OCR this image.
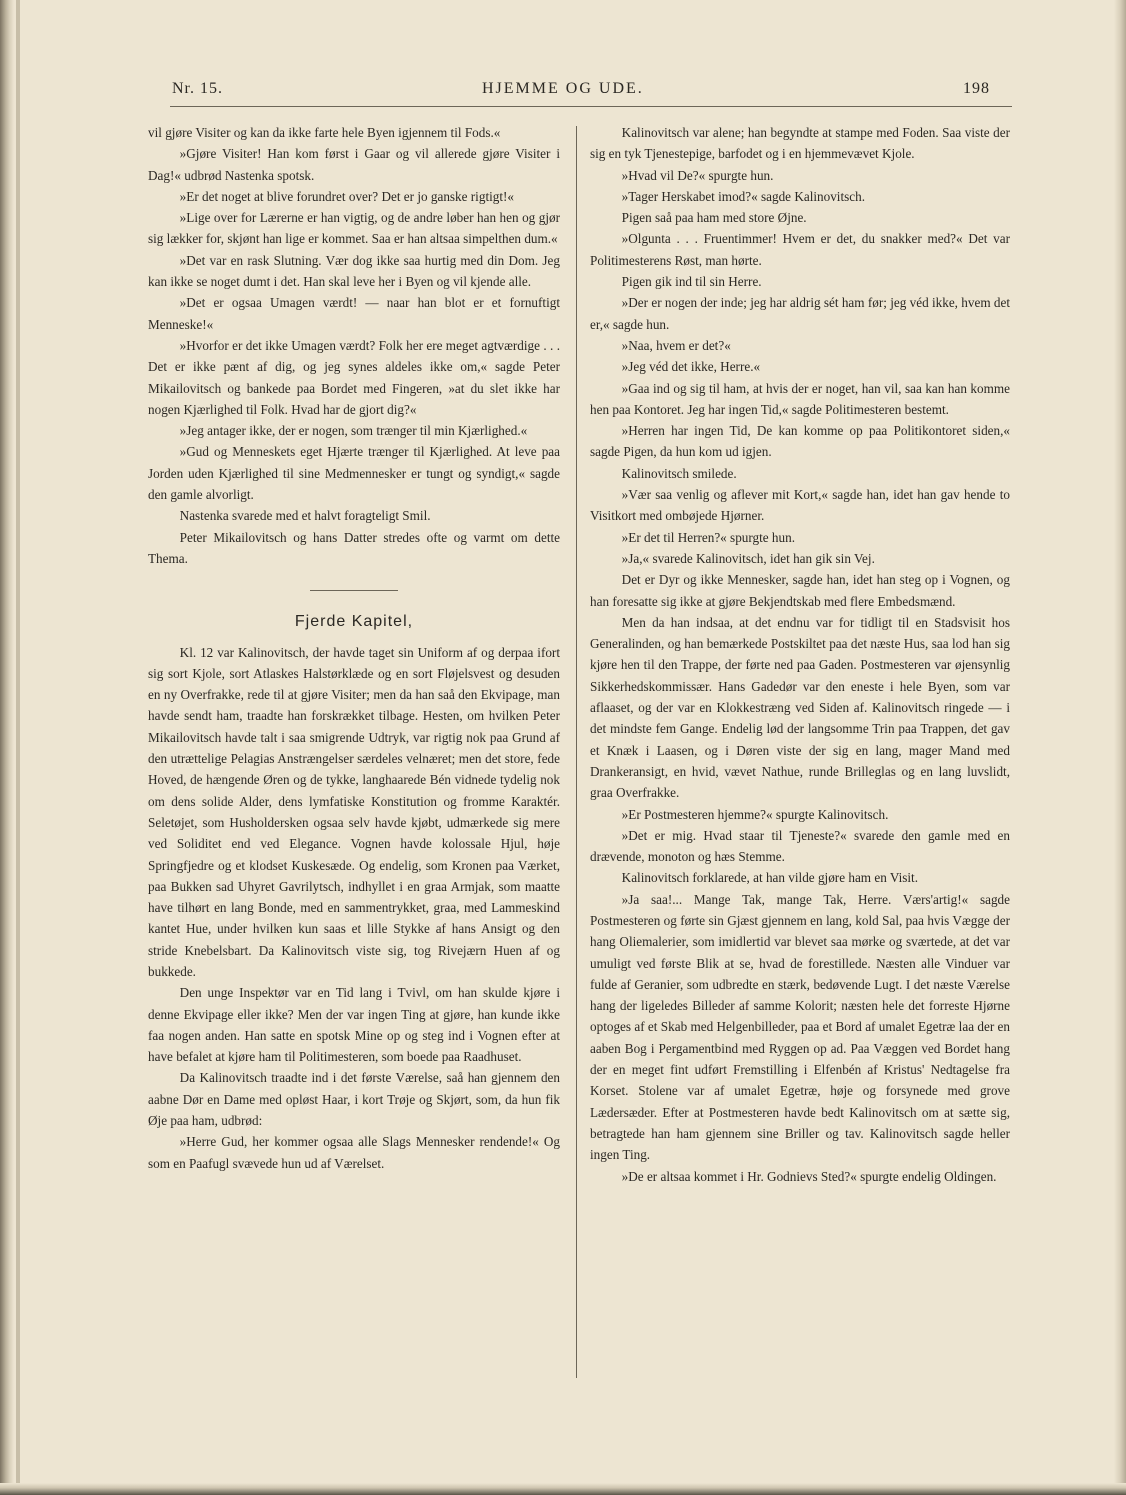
Nr. 15.	HJEMME OG UDE.	198

vil gjøre Visiter og kan da ikke farte hele Byen igjennem til Fods.«

»Gjøre Visiter! Han kom først i Gaar og vil allerede gjøre Visiter i Dag!« udbrød Nastenka spotsk.

»Er det noget at blive forundret over? Det er jo ganske rigtigt!«

»Lige over for Lærerne er han vigtig, og de andre løber han hen og gjør sig lækker for, skjønt han lige er kommet. Saa er han altsaa simpelthen dum.«

»Det var en rask Slutning. Vær dog ikke saa hurtig med din Dom. Jeg kan ikke se noget dumt i det. Han skal leve her i Byen og vil kjende alle.

»Det er ogsaa Umagen værdt! — naar han blot er et fornuftigt Menneske!«

»Hvorfor er det ikke Umagen værdt? Folk her ere meget agtværdige . . . Det er ikke pænt af dig, og jeg synes aldeles ikke om,« sagde Peter Mikailovitsch og bankede paa Bordet med Fingeren, »at du slet ikke har nogen Kjærlighed til Folk. Hvad har de gjort dig?«

»Jeg antager ikke, der er nogen, som trænger til min Kjærlighed.«

»Gud og Menneskets eget Hjærte trænger til Kjærlighed. At leve paa Jorden uden Kjærlighed til sine Medmennesker er tungt og syndigt,« sagde den gamle alvorligt.

Nastenka svarede med et halvt foragteligt Smil.

Peter Mikailovitsch og hans Datter stredes ofte og varmt om dette Thema.

Fjerde Kapitel,

Kl. 12 var Kalinovitsch, der havde taget sin Uniform af og derpaa ifort sig sort Kjole, sort Atlaskes Halstørklæde og en sort Fløjelsvest og desuden en ny Overfrakke, rede til at gjøre Visiter; men da han saå den Ekvipage, man havde sendt ham, traadte han forskrækket tilbage. Hesten, om hvilken Peter Mikailovitsch havde talt i saa smigrende Udtryk, var rigtig nok paa Grund af den utrættelige Pelagias Anstrængelser særdeles velnæret; men det store, fede Hoved, de hængende Øren og de tykke, langhaarede Bén vidnede tydelig nok om dens solide Alder, dens lymfatiske Konstitution og fromme Karaktér. Seletøjet, som Husholdersken ogsaa selv havde kjøbt, udmærkede sig mere ved Soliditet end ved Elegance. Vognen havde kolossale Hjul, høje Springfjedre og et klodset Kuskesæde. Og endelig, som Kronen paa Værket, paa Bukken sad Uhyret Gavrilytsch, indhyllet i en graa Armjak, som maatte have tilhørt en lang Bonde, med en sammentrykket, graa, med Lammeskind kantet Hue, under hvilken kun saas et lille Stykke af hans Ansigt og den stride Knebelsbart. Da Kalinovitsch viste sig, tog Rivejærn Huen af og bukkede.

Den unge Inspektør var en Tid lang i Tvivl, om han skulde kjøre i denne Ekvipage eller ikke? Men der var ingen Ting at gjøre, han kunde ikke faa nogen anden. Han satte en spotsk Mine op og steg ind i Vognen efter at have befalet at kjøre ham til Politimesteren, som boede paa Raadhuset.

Da Kalinovitsch traadte ind i det første Værelse, saå han gjennem den aabne Dør en Dame med opløst Haar, i kort Trøje og Skjørt, som, da hun fik Øje paa ham, udbrød:

»Herre Gud, her kommer ogsaa alle Slags Mennesker rendende!« Og som en Paafugl svævede hun ud af Værelset.

Kalinovitsch var alene; han begyndte at stampe med Foden. Saa viste der sig en tyk Tjenestepige, barfodet og i en hjemmevævet Kjole.

»Hvad vil De?« spurgte hun.

»Tager Herskabet imod?« sagde Kalinovitsch.

Pigen saå paa ham med store Øjne.

»Olgunta . . . Fruentimmer! Hvem er det, du snakker med?« Det var Politimesterens Røst, man hørte.

Pigen gik ind til sin Herre.

»Der er nogen der inde; jeg har aldrig sét ham før; jeg véd ikke, hvem det er,« sagde hun.

»Naa, hvem er det?«

»Jeg véd det ikke, Herre.«

»Gaa ind og sig til ham, at hvis der er noget, han vil, saa kan han komme hen paa Kontoret. Jeg har ingen Tid,« sagde Politimesteren bestemt.

»Herren har ingen Tid, De kan komme op paa Politikontoret siden,« sagde Pigen, da hun kom ud igjen.

Kalinovitsch smilede.

»Vær saa venlig og aflever mit Kort,« sagde han, idet han gav hende to Visitkort med ombøjede Hjørner.

»Er det til Herren?« spurgte hun.

»Ja,« svarede Kalinovitsch, idet han gik sin Vej.

Det er Dyr og ikke Mennesker, sagde han, idet han steg op i Vognen, og han foresatte sig ikke at gjøre Bekjendtskab med flere Embedsmænd.

Men da han indsaa, at det endnu var for tidligt til en Stadsvisit hos Generalinden, og han bemærkede Postskiltet paa det næste Hus, saa lod han sig kjøre hen til den Trappe, der førte ned paa Gaden. Postmesteren var øjensynlig Sikkerhedskommissær. Hans Gadedør var den eneste i hele Byen, som var aflaaset, og der var en Klokkestræng ved Siden af. Kalinovitsch ringede — i det mindste fem Gange. Endelig lød der langsomme Trin paa Trappen, det gav et Knæk i Laasen, og i Døren viste der sig en lang, mager Mand med Drankeransigt, en hvid, vævet Nathue, runde Brilleglas og en lang luvslidt, graa Overfrakke.

»Er Postmesteren hjemme?« spurgte Kalinovitsch.

»Det er mig. Hvad staar til Tjeneste?« svarede den gamle med en drævende, monoton og hæs Stemme.

Kalinovitsch forklarede, at han vilde gjøre ham en Visit.

»Ja saa!... Mange Tak, mange Tak, Herre. Værs'artig!« sagde Postmesteren og førte sin Gjæst gjennem en lang, kold Sal, paa hvis Vægge der hang Oliemalerier, som imidlertid var blevet saa mørke og sværtede, at det var umuligt ved første Blik at se, hvad de forestillede. Næsten alle Vinduer var fulde af Geranier, som udbredte en stærk, bedøvende Lugt. I det næste Værelse hang der ligeledes Billeder af samme Kolorit; næsten hele det forreste Hjørne optoges af et Skab med Helgenbilleder, paa et Bord af umalet Egetræ laa der en aaben Bog i Pergamentbind med Ryggen op ad. Paa Væggen ved Bordet hang der en meget fint udført Fremstilling i Elfenbén af Kristus' Nedtagelse fra Korset. Stolene var af umalet Egetræ, høje og forsynede med grove Lædersæder. Efter at Postmesteren havde bedt Kalinovitsch om at sætte sig, betragtede han ham gjennem sine Briller og tav. Kalinovitsch sagde heller ingen Ting.

»De er altsaa kommet i Hr. Godnievs Sted?« spurgte endelig Oldingen.
